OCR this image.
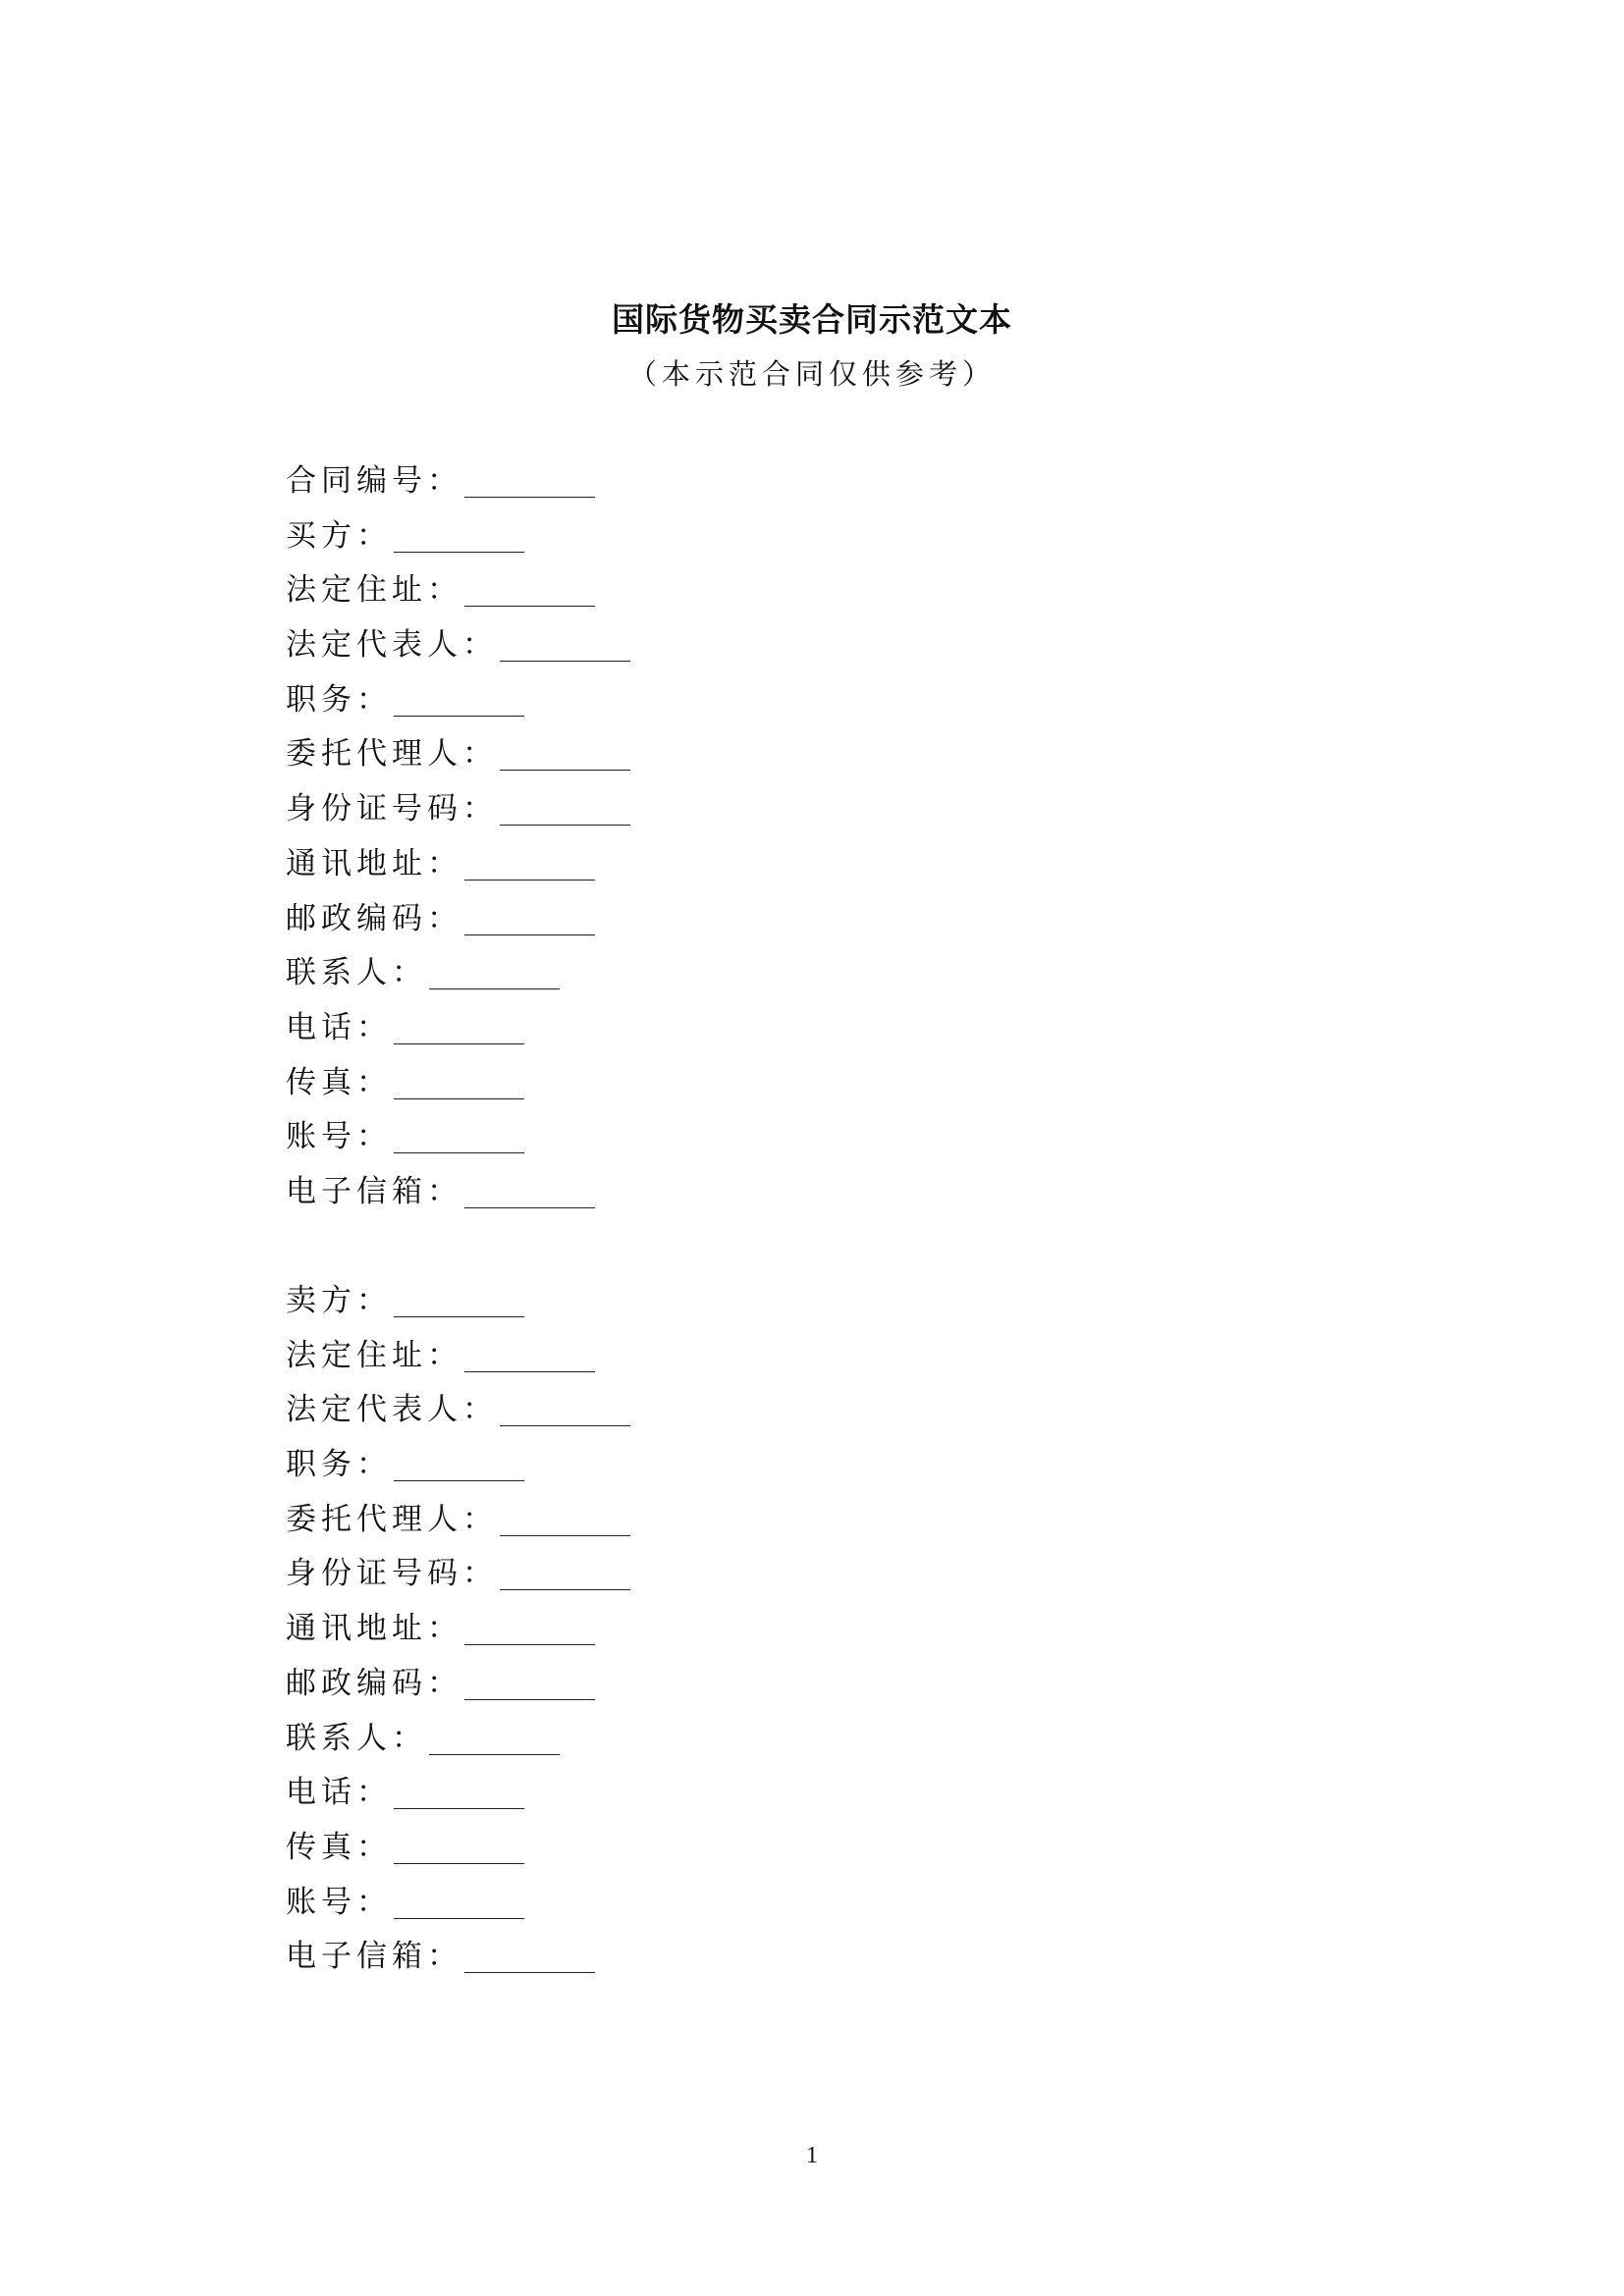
国际货物买卖合同示范文本
（本示范合同仅供参考）
合同编号：
买方：
法定住址：
法定代表人：
职务：
委托代理人：
身份证号码：
通讯地址：
邮政编码：
联系人：
电话：
传真：
账号：
电子信箱：
卖方：
法定住址：
法定代表人：
职务：
委托代理人：
身份证号码：
通讯地址：
邮政编码：
联系人：
电话：
传真：
账号：
电子信箱：
1
